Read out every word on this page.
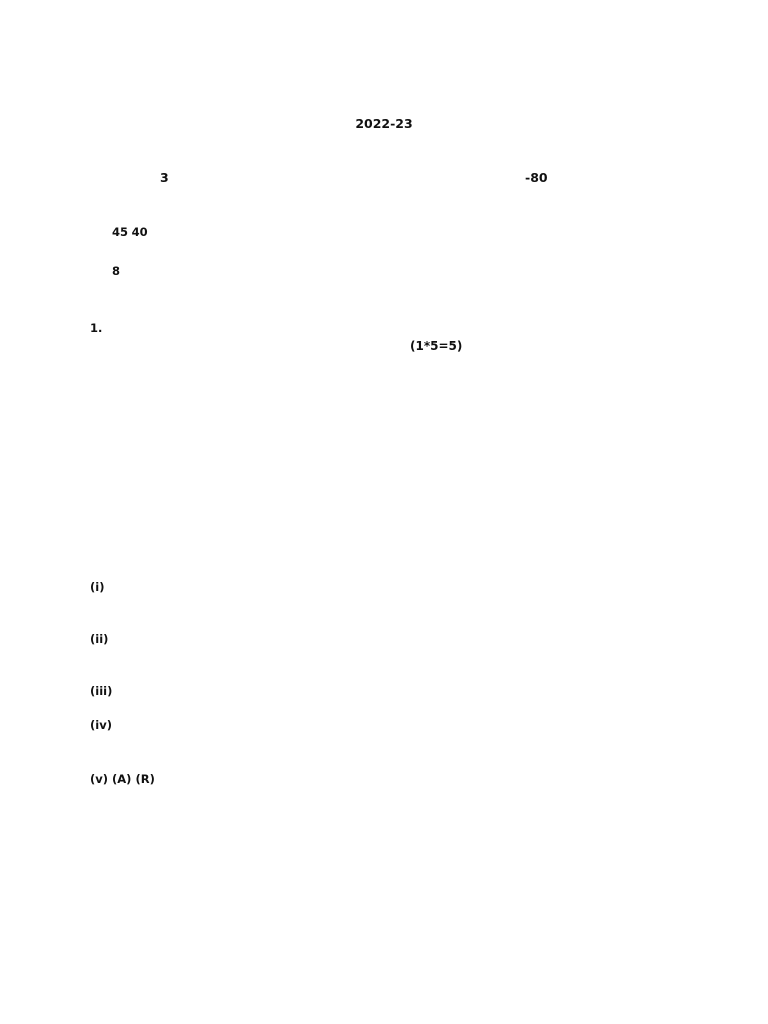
2022-23
3	-80
45 40
8
1.
(1*5=5)
(i)
(ii)
(iii)
(iv)
(v) (A) (R)
